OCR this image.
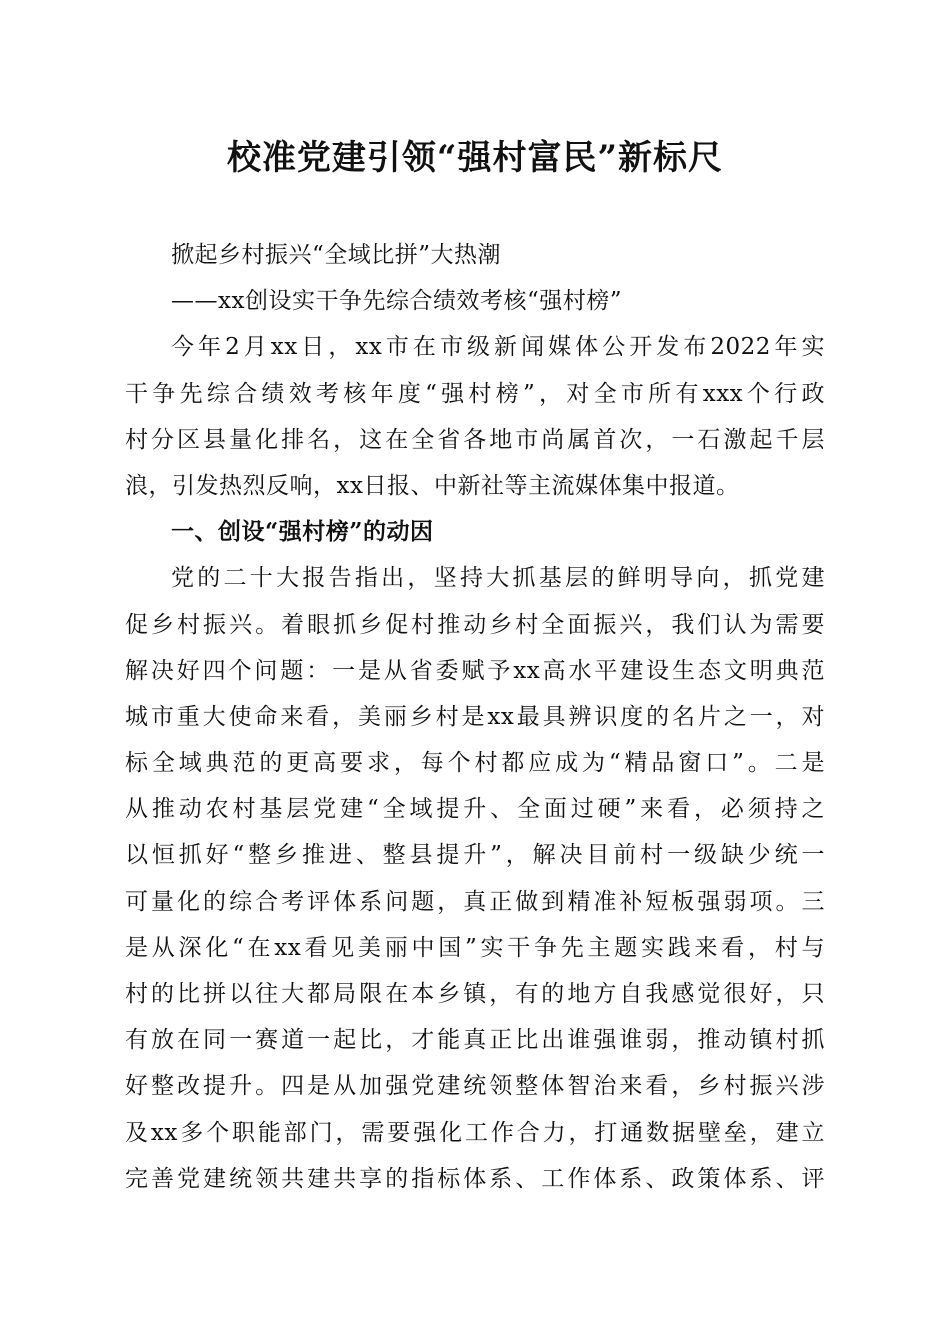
校准党建引领“强村富民”新标尺
掀起乡村振兴“全域比拼”大热潮
——xx创设实干争先综合绩效考核“强村榜”
今年2月xx日，xx市在市级新闻媒体公开发布2022年实
干争先综合绩效考核年度“强村榜”，对全市所有xxx个行政
村分区县量化排名，这在全省各地市尚属首次，一石激起千层
浪，引发热烈反响，xx日报、中新社等主流媒体集中报道。
一、创设“强村榜”的动因
党的二十大报告指出，坚持大抓基层的鲜明导向，抓党建
促乡村振兴。着眼抓乡促村推动乡村全面振兴，我们认为需要
解决好四个问题：一是从省委赋予xx高水平建设生态文明典范
城市重大使命来看，美丽乡村是xx最具辨识度的名片之一，对
标全域典范的更高要求，每个村都应成为“精品窗口”。二是
从推动农村基层党建“全域提升、全面过硬”来看，必须持之
以恒抓好“整乡推进、整县提升”，解决目前村一级缺少统一
可量化的综合考评体系问题，真正做到精准补短板强弱项。三
是从深化“在xx看见美丽中国”实干争先主题实践来看，村与
村的比拼以往大都局限在本乡镇，有的地方自我感觉很好，只
有放在同一赛道一起比，才能真正比出谁强谁弱，推动镇村抓
好整改提升。四是从加强党建统领整体智治来看，乡村振兴涉
及xx多个职能部门，需要强化工作合力，打通数据壁垒，建立
完善党建统领共建共享的指标体系、工作体系、政策体系、评
